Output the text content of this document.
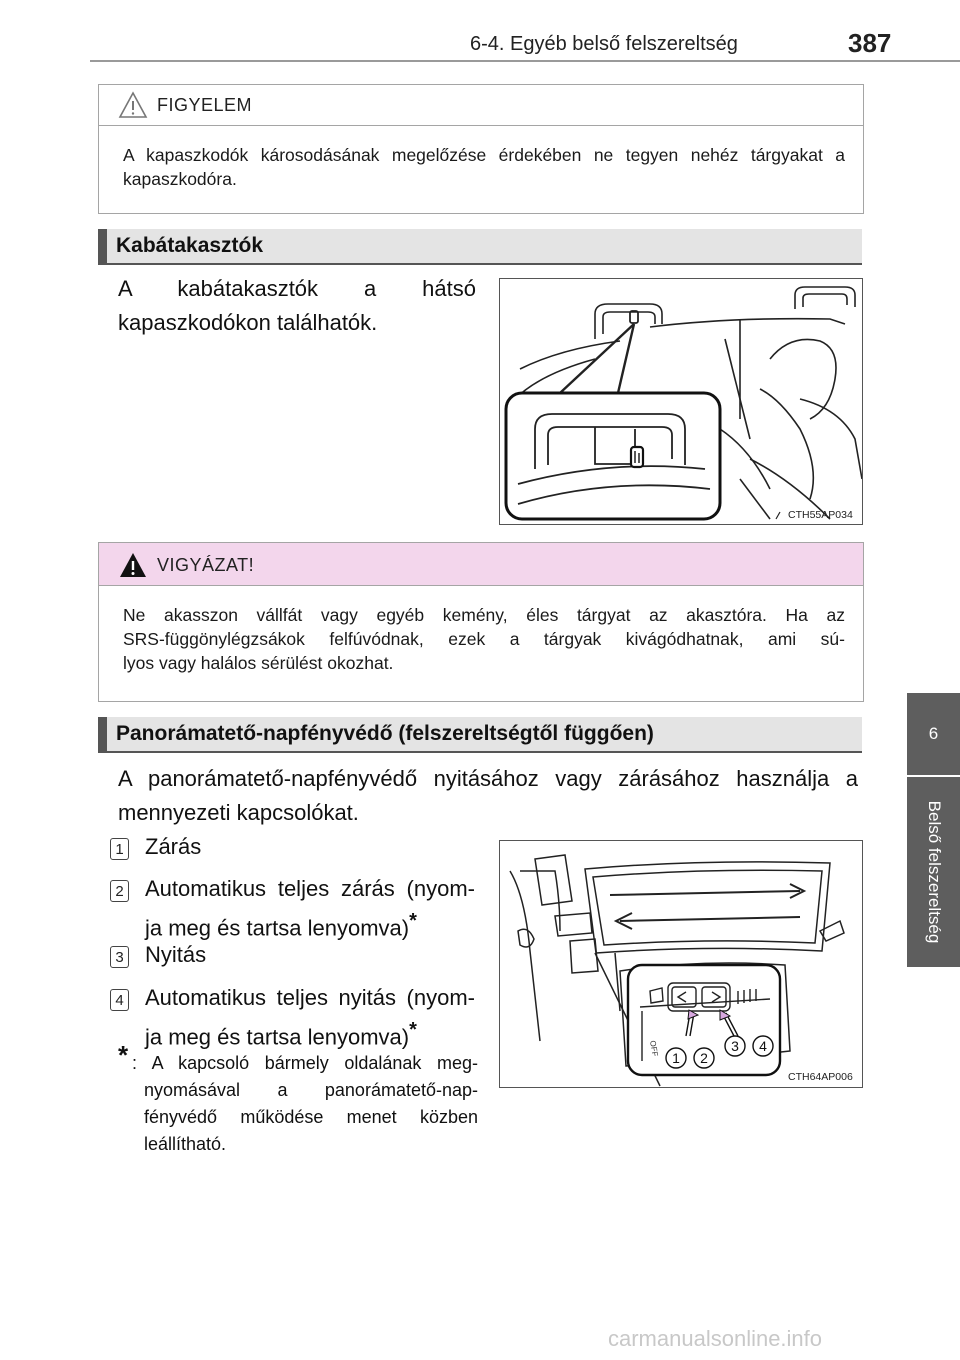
6-4. Egyéb belső felszereltség	387
6
Belső felszereltség
FIGYELEM
A kapaszkodók károsodásának megelőzése érdekében ne tegyen nehéz tárgyakat a kapaszkodóra.
Kabátakasztók
A kabátakasztók a hátsó kapaszkodókon találhatók.
CTH55AP034
VIGYÁZAT!
Ne akasszon vállfát vagy egyéb kemény, éles tárgyat az akasztóra. Ha az
SRS-függönylégzsákok felfúvódnak, ezek a tárgyak kivágódhatnak, ami sú-
lyos vagy halálos sérülést okozhat.
Panorámatető-napfényvédő (felszereltségtől függően)
A panorámatető-napfényvédő nyitásához vagy zárásához használja a
mennyezeti kapcsolókat.
1 Zárás
2 Automatikus teljes zárás (nyom-
ja meg és tartsa lenyomva)*
3 Nyitás
4 Automatikus teljes nyitás (nyom-
ja meg és tartsa lenyomva)*
* : A kapcsoló bármely oldalának meg-
nyomásával a panorámatető-nap-
fényvédő működése menet közben
leállítható.
OFF
1 2
3 4
CTH64AP006
carmanualsonline.info
